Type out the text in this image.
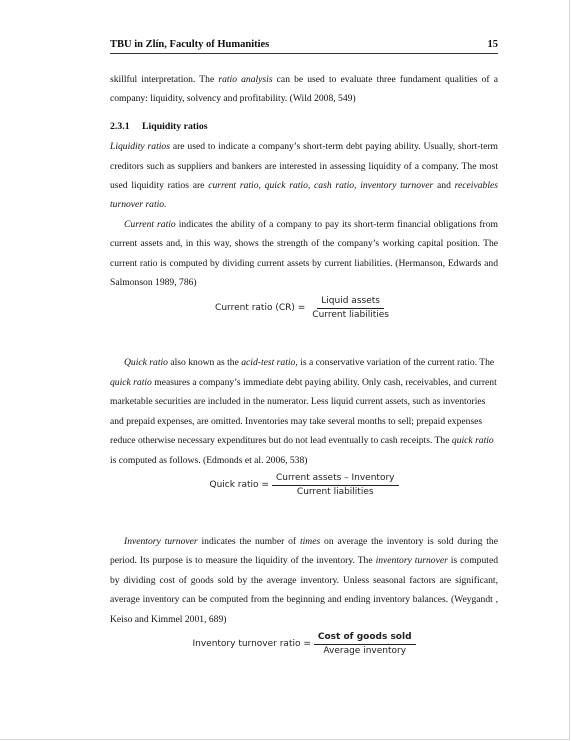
TBU in Zlín, Faculty of Humanities	15

skillful interpretation. The ratio analysis can be used to evaluate three fundament qualities of a company: liquidity, solvency and profitability. (Wild 2008, 549)

2.3.1 Liquidity ratios

Liquidity ratios are used to indicate a company’s short-term debt paying ability. Usually, short-term creditors such as suppliers and bankers are interested in assessing liquidity of a company. The most used liquidity ratios are current ratio, quick ratio, cash ratio, inventory turnover and receivables turnover ratio.

Current ratio indicates the ability of a company to pay its short-term financial obligations from current assets and, in this way, shows the strength of the company’s working capital position. The current ratio is computed by dividing current assets by current liabilities. (Hermanson, Edwards and Salmonson 1989, 786)

Current ratio $(CR) = \frac{\text{Liquid assets}}{\text{Current liabilities}}$

Quick ratio also known as the acid-test ratio, is a conservative variation of the current ratio. The quick ratio measures a company’s immediate debt paying ability. Only cash, receivables, and current marketable securities are included in the numerator. Less liquid current assets, such as inventories and prepaid expenses, are omitted. Inventories may take several months to sell; prepaid expenses reduce otherwise necessary expenditures but do not lead eventually to cash receipts. The quick ratio is computed as follows. (Edmonds et al. 2006, 538)

Quick ratio = $\frac{\text{Current assets – Inventory}}{\text{Current liabilities}}$

Inventory turnover indicates the number of times on average the inventory is sold during the period. Its purpose is to measure the liquidity of the inventory. The inventory turnover is computed by dividing cost of goods sold by the average inventory. Unless seasonal factors are significant, average inventory can be computed from the beginning and ending inventory balances. (Weygandt , Keiso and Kimmel 2001, 689)

Inventory turnover ratio = $\frac{\text{Cost of goods sold}}{\text{Average inventory}}$
